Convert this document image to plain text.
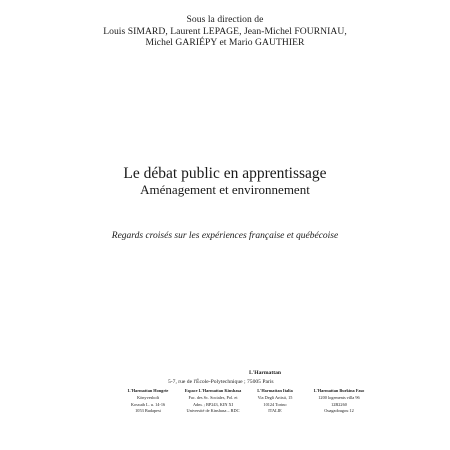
Sous la direction de
Louis SIMARD, Laurent LEPAGE, Jean-Michel FOURNIAU,
Michel GARIÉPY et Mario GAUTHIER
Le débat public en apprentissage
Aménagement et environnement
Regards croisés sur les expériences française et québécoise
L'Harmattan
5-7, rue de l'École-Polytechnique ; 75005 Paris
L'Harmattan Hongrie
Könyvesbolt
Kossuth L. u. 14-16
1053 Budapest
Espace L'Harmattan Kinshasa
Fac. des Sc. Sociales, Pol. et
Adm. ; BP243, KIN XI
Université de Kinshasa – RDC
L'Harmattan Italia
Via Degli Artisti, 15
10124 Torino
ITALIE
L'Harmattan Burkina Faso
1200 logements villa 96
12B2260
Ouagadougou 12
